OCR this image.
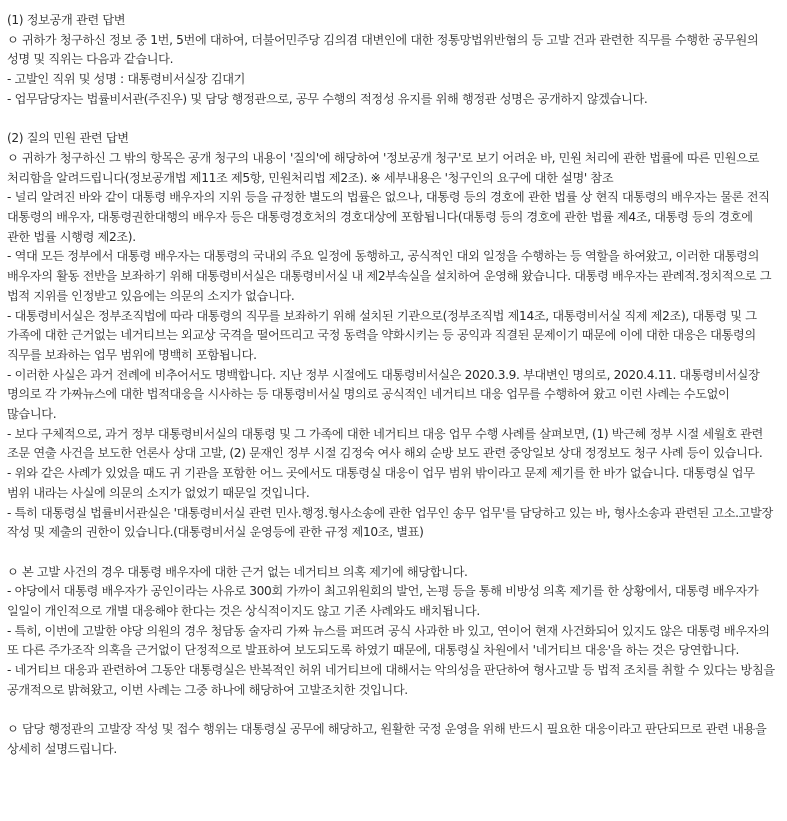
(1) 정보공개 관련 답변
ㅇ 귀하가 청구하신 정보 중 1번, 5번에 대하여, 더불어민주당 김의겸 대변인에 대한 정통망법위반혐의 등 고발 건과 관련한 직무를 수행한 공무원의 성명 및 직위는 다음과 같습니다.
- 고발인 직위 및 성명 : 대통령비서실장 김대기
- 업무담당자는 법률비서관(주진우) 및 담당 행정관으로, 공무 수행의 적정성 유지를 위해 행정관 성명은 공개하지 않겠습니다.
(2) 질의 민원 관련 답변
ㅇ 귀하가 청구하신 그 밖의 항목은 공개 청구의 내용이 '질의'에 해당하여 '정보공개 청구'로 보기 어려운 바, 민원 처리에 관한 법률에 따른 민원으로 처리함을 알려드립니다(정보공개법 제11조 제5항, 민원처리법 제2조). ※ 세부내용은 '청구인의 요구에 대한 설명' 참조
- 널리 알려진 바와 같이 대통령 배우자의 지위 등을 규정한 별도의 법률은 없으나, 대통령 등의 경호에 관한 법률 상 현직 대통령의 배우자는 물론 전직 대통령의 배우자, 대통령권한대행의 배우자 등은 대통령경호처의 경호대상에 포함됩니다(대통령 등의 경호에 관한 법률 제4조, 대통령 등의 경호에 관한 법률 시행령 제2조).
- 역대 모든 정부에서 대통령 배우자는 대통령의 국내외 주요 일정에 동행하고, 공식적인 대외 일정을 수행하는 등 역할을 하여왔고, 이러한 대통령의 배우자의 활동 전반을 보좌하기 위해 대통령비서실은 대통령비서실 내 제2부속실을 설치하여 운영해 왔습니다. 대통령 배우자는 관례적.정치적으로 그 법적 지위를 인정받고 있음에는 의문의 소지가 없습니다.
- 대통령비서실은 정부조직법에 따라 대통령의 직무를 보좌하기 위해 설치된 기관으로(정부조직법 제14조, 대통령비서실 직제 제2조), 대통령 및 그 가족에 대한 근거없는 네거티브는 외교상 국격을 떨어뜨리고 국정 동력을 약화시키는 등 공익과 직결된 문제이기 때문에 이에 대한 대응은 대통령의 직무를 보좌하는 업무 범위에 명백히 포함됩니다.
- 이러한 사실은 과거 전례에 비추어서도 명백합니다. 지난 정부 시절에도 대통령비서실은 2020.3.9. 부대변인 명의로, 2020.4.11. 대통령비서실장 명의로 각 가짜뉴스에 대한 법적대응을 시사하는 등 대통령비서실 명의로 공식적인 네거티브 대응 업무를 수행하여 왔고 이런 사례는 수도없이 많습니다.
- 보다 구체적으로, 과거 정부 대통령비서실의 대통령 및 그 가족에 대한 네거티브 대응 업무 수행 사례를 살펴보면, (1) 박근혜 정부 시절 세월호 관련 조문 연출 사건을 보도한 언론사 상대 고발, (2) 문재인 정부 시절 김정숙 여사 해외 순방 보도 관련 중앙일보 상대 정정보도 청구 사례 등이 있습니다.
- 위와 같은 사례가 있었을 때도 귀 기관을 포함한 어느 곳에서도 대통령실 대응이 업무 범위 밖이라고 문제 제기를 한 바가 없습니다. 대통령실 업무 범위 내라는 사실에 의문의 소지가 없었기 때문일 것입니다.
- 특히 대통령실 법률비서관실은 '대통령비서실 관련 민사.행정.형사소송에 관한 업무인 송무 업무'를 담당하고 있는 바, 형사소송과 관련된 고소.고발장 작성 및 제출의 권한이 있습니다.(대통령비서실 운영등에 관한 규정 제10조, 별표)
ㅇ 본 고발 사건의 경우 대통령 배우자에 대한 근거 없는 네거티브 의혹 제기에 해당합니다.
- 야당에서 대통령 배우자가 공인이라는 사유로 300회 가까이 최고위원회의 발언, 논평 등을 통해 비방성 의혹 제기를 한 상황에서, 대통령 배우자가 일일이 개인적으로 개별 대응해야 한다는 것은 상식적이지도 않고 기존 사례와도 배치됩니다.
- 특히, 이번에 고발한 야당 의원의 경우 청담동 술자리 가짜 뉴스를 퍼뜨려 공식 사과한 바 있고, 연이어 현재 사건화되어 있지도 않은 대통령 배우자의 또 다른 주가조작 의혹을 근거없이 단정적으로 발표하여 보도되도록 하였기 때문에, 대통령실 차원에서 '네거티브 대응'을 하는 것은 당연합니다.
- 네거티브 대응과 관련하여 그동안 대통령실은 반복적인 허위 네거티브에 대해서는 악의성을 판단하여 형사고발 등 법적 조치를 취할 수 있다는 방침을 공개적으로 밝혀왔고, 이번 사례는 그중 하나에 해당하여 고발조치한 것입니다.
ㅇ 담당 행정관의 고발장 작성 및 접수 행위는 대통령실 공무에 해당하고, 원활한 국정 운영을 위해 반드시 필요한 대응이라고 판단되므로 관련 내용을 상세히 설명드립니다.
